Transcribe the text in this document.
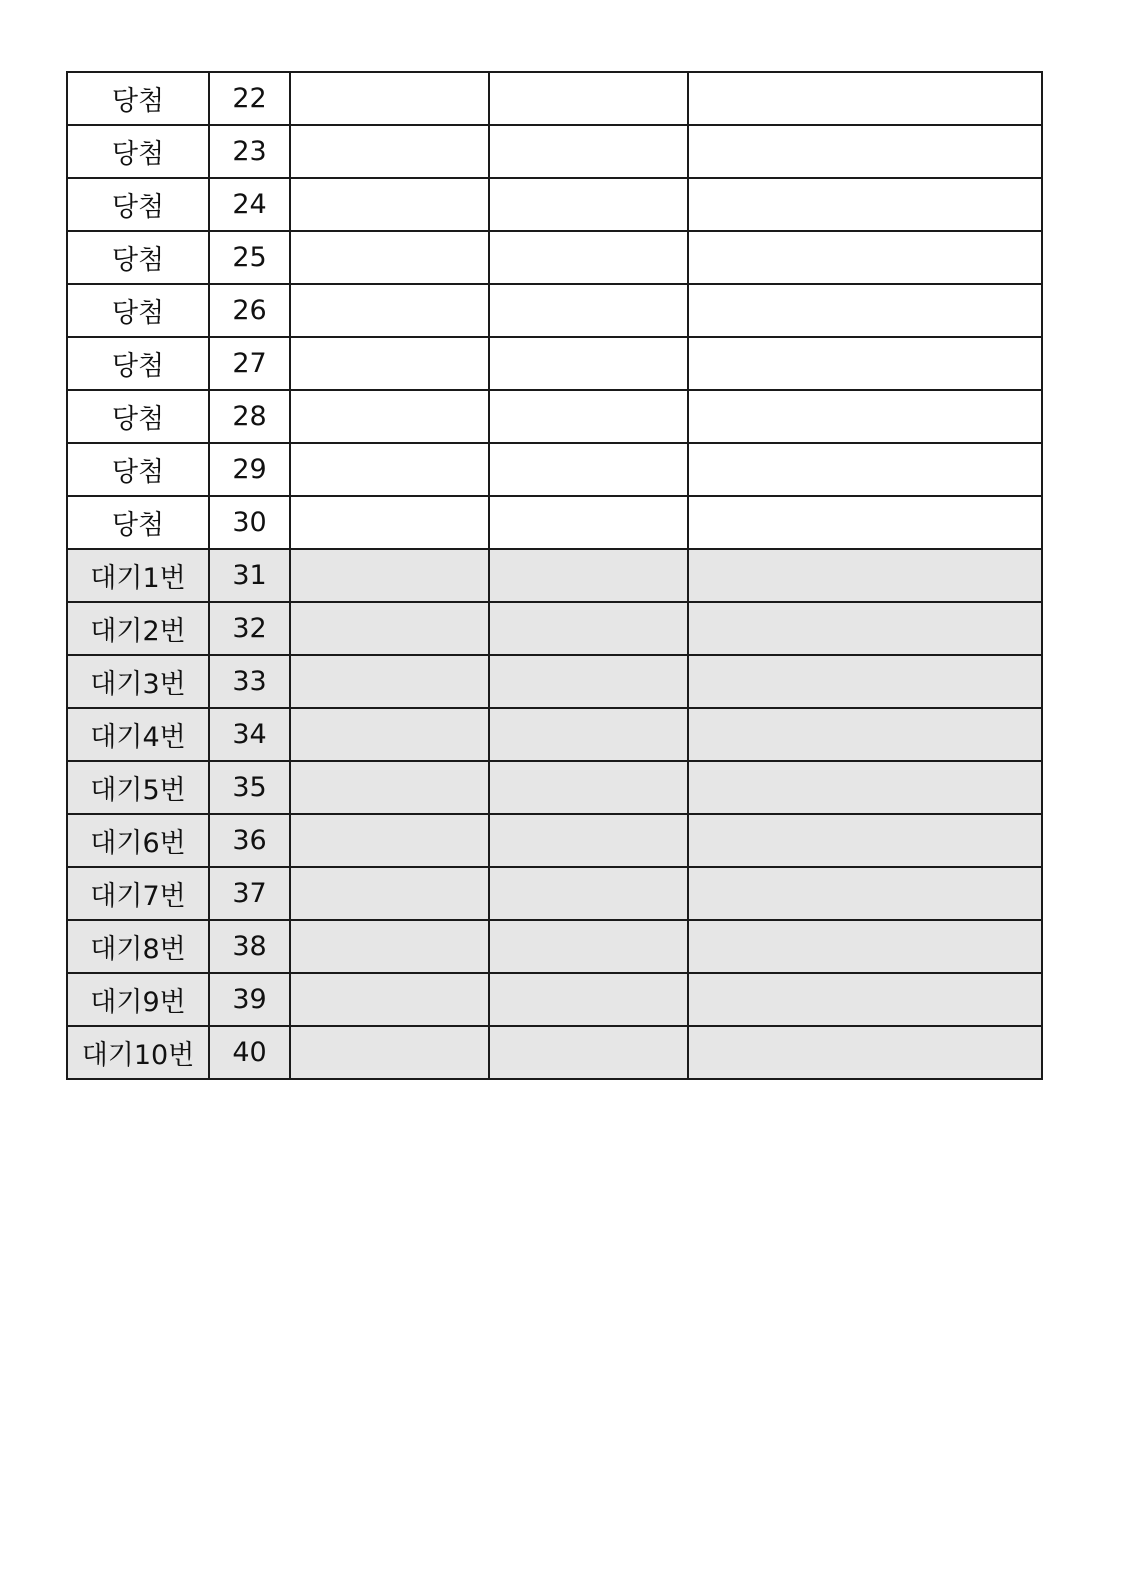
당첨	22			
당첨	23			
당첨	24			
당첨	25			
당첨	26			
당첨	27			
당첨	28			
당첨	29			
당첨	30			
대기1번	31			
대기2번	32			
대기3번	33			
대기4번	34			
대기5번	35			
대기6번	36			
대기7번	37			
대기8번	38			
대기9번	39			
대기10번	40			
